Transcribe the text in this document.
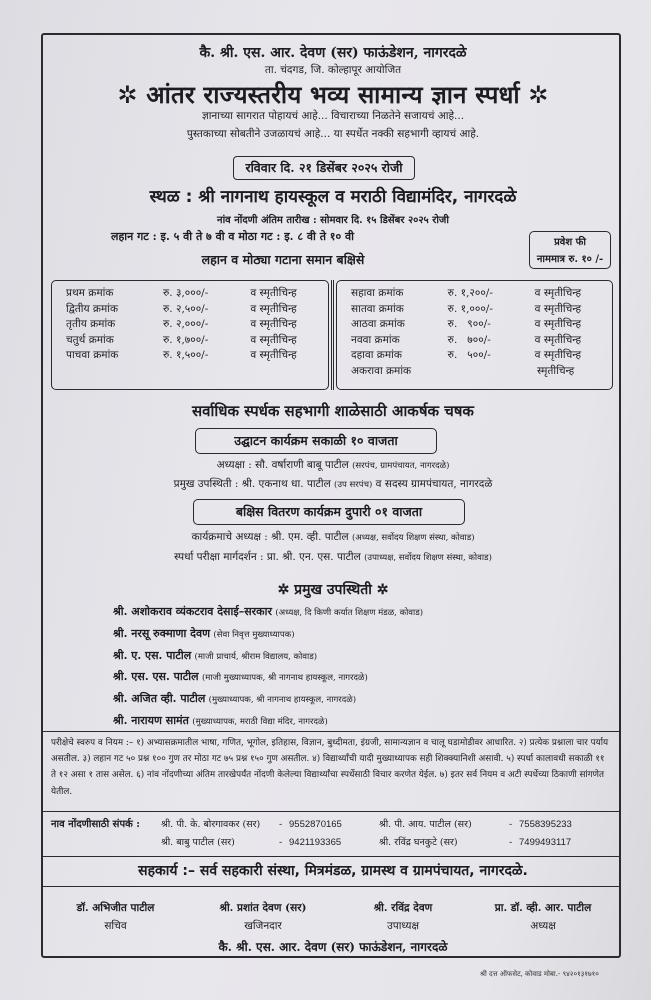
कै. श्री. एस. आर. देवण (सर) फाऊंडेशन, नागरदळे
ता. चंदगड, जि. कोल्हापूर आयोजित
✲ आंतर राज्यस्तरीय भव्य सामान्य ज्ञान स्पर्धा ✲
ज्ञानाच्या सागरात पोहायचं आहे... विचाराच्या निळतेने सजायचं आहे...
पुस्तकाच्या सोबतीने उजळायचं आहे... या स्पर्धेत नक्की सहभागी व्हायचं आहे.
रविवार दि. २१ डिसेंबर २०२५ रोजी
स्थळ : श्री नागनाथ हायस्कूल व मराठी विद्यामंदिर, नागरदळे
नांव नोंदणी अंतिम तारीख : सोमवार दि. १५ डिसेंबर २०२५ रोजी
लहान गट : इ. ५ वी ते ७ वी व मोठा गट : इ. ८ वी ते १० वी
लहान व मोठ्या गटाना समान बक्षिसे
प्रवेश फी
नाममात्र रु. १० /-
प्रथम क्रमांक	रु. ३,०००/-	व स्मृतीचिन्ह
द्वितीय क्रमांक	रु. २,५००/-	व स्मृतीचिन्ह
तृतीय क्रमांक	रु. २,०००/-	व स्मृतीचिन्ह
चतुर्थ क्रमांक	रु. १,७००/-	व स्मृतीचिन्ह
पाचवा क्रमांक	रु. १,५००/-	व स्मृतीचिन्ह
सहावा क्रमांक	रु. १,२००/-	व स्मृतीचिन्ह
सातवा क्रमांक	रु. १,०००/-	व स्मृतीचिन्ह
आठवा क्रमांक	रु.   ९००/-	व स्मृतीचिन्ह
नववा क्रमांक	रु.   ७००/-	व स्मृतीचिन्ह
दहावा क्रमांक	रु.   ५००/-	व स्मृतीचिन्ह
अकरावा क्रमांक	स्मृतीचिन्ह
सर्वाधिक स्पर्धक सहभागी शाळेसाठी आकर्षक चषक
उद्घाटन कार्यक्रम सकाळी १० वाजता
अध्यक्षा : सौ. वर्षाराणी बाबू पाटील (सरपंच, ग्रामपंचायत, नागरदळे)
प्रमुख उपस्थिती : श्री. एकनाथ धा. पाटील (उप सरपंच) व सदस्य ग्रामपंचायत, नागरदळे
बक्षिस वितरण कार्यक्रम दुपारी ०१ वाजता
कार्यक्रमाचे अध्यक्ष : श्री. एम. व्ही. पाटील (अध्यक्ष, सर्वोदय शिक्षण संस्था, कोवाड)
स्पर्धा परीक्षा मार्गदर्शन : प्रा. श्री. एन. एस. पाटील (उपाध्यक्ष, सर्वोदय शिक्षण संस्था, कोवाड)
✲ प्रमुख उपस्थिती ✲
श्री. अशोकराव व्यंकटराव देसाई–सरकार (अध्यक्ष, दि किणी कर्यात शिक्षण मंडळ, कोवाड)
श्री. नरसू रुक्माणा देवण (सेवा निवृत्त मुख्याध्यापक)
श्री. ए. एस. पाटील (माजी प्राचार्य, श्रीराम विद्यालय, कोवाड)
श्री. एस. एस. पाटील (माजी मुख्याध्यापक, श्री नागनाथ हायस्कूल, नागरदळे)
श्री. अजित व्ही. पाटील (मुख्याध्यापक, श्री नागनाथ हायस्कूल, नागरदळे)
श्री. नारायण सामंत (मुख्याध्यापक, मराठी विद्या मंदिर, नागरदळे)
परीक्षेचे स्वरुप व नियम :– १) अभ्यासक्रमातील भाषा, गणित, भूगोल, इतिहास, विज्ञान, बुध्दीमता, इंग्रजी, सामान्यज्ञान व चालू घडामोडीवर आधारित. २) प्रत्येक प्रश्नाला चार पर्याय असतील. ३) लहान गट ५० प्रश्न १०० गुण तर मोठा गट ७५ प्रश्न १५० गुण असतील. ४) विद्यार्थ्यांची यादी मुख्याध्यापक सही शिक्क्यानिशी असावी. ५) स्पर्धा कालावधी सकाळी ११ ते १२ असा १ तास असेल. ६) नांव नोंदणीच्या अंतिम तारखेपर्यंत नोंदणी केलेल्या विद्यार्थ्यांचा स्पर्धेसाठी विचार करणेत येईल. ७) इतर सर्व नियम व अटी स्पर्धेच्या ठिकाणी सांगणेत येतील.
नाव नोंदणीसाठी संपर्क :	श्री. पी. के. बोरगावकर (सर)	- 9552870165	श्री. पी. आय. पाटील (सर)	- 7558395233
श्री. बाबु पाटील (सर)	- 9421193365	श्री. रविंद्र घनकुटे (सर)	- 7499493117
सहकार्य :– सर्व सहकारी संस्था, मित्रमंडळ, ग्रामस्थ व ग्रामपंचायत, नागरदळे.
डॉ. अभिजीत पाटील
सचिव
श्री. प्रशांत देवण (सर)
खजिनदार
श्री. रविंद्र देवण
उपाध्यक्ष
प्रा. डॉ. व्ही. आर. पाटील
अध्यक्ष
कै. श्री. एस. आर. देवण (सर) फाऊंडेशन, नागरदळे
श्री दत्त ऑफसेट, कोवाड मोबा.- ९४२०१३१७१०
